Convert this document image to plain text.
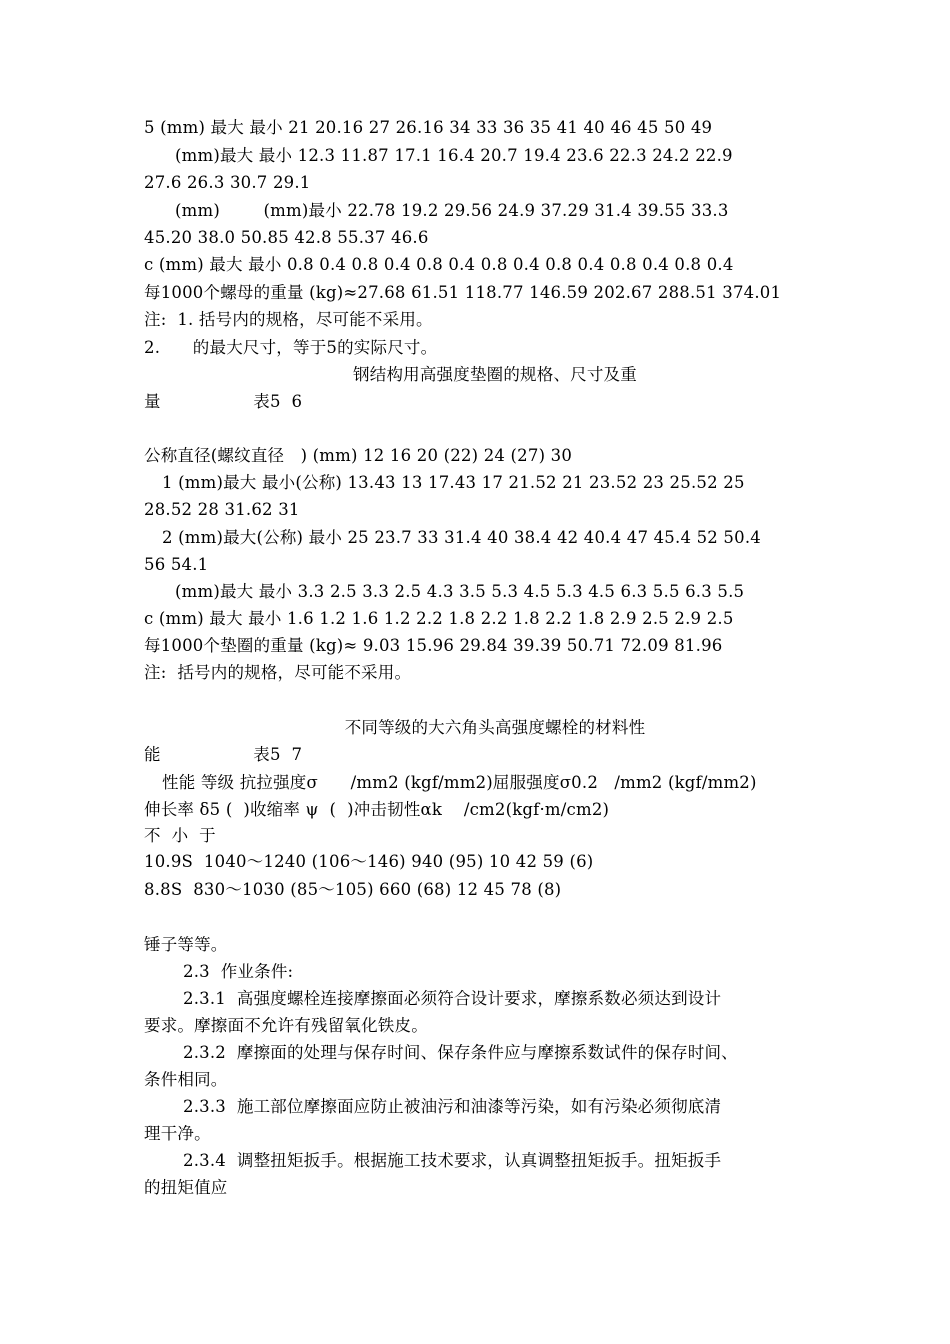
5 (mm) 最大 最小 21 20.16 27 26.16 34 33 36 35 41 40 46 45 50 49
(mm)最大 最小 12.3 11.87 17.1 16.4 20.7 19.4 23.6 22.3 24.2 22.9
27.6 26.3 30.7 29.1
(mm)        (mm)最小 22.78 19.2 29.56 24.9 37.29 31.4 39.55 33.3
45.20 38.0 50.85 42.8 55.37 46.6
c (mm) 最大 最小 0.8 0.4 0.8 0.4 0.8 0.4 0.8 0.4 0.8 0.4 0.8 0.4 0.8 0.4
每1000个螺母的重量 (kg)≈27.68 61.51 118.77 146.59 202.67 288.51 374.01
注:  1. 括号内的规格，尽可能不采用。
2.      的最大尺寸，等于5的实际尺寸。
钢结构用高强度垫圈的规格、尺寸及重
量                 表5  6
公称直径(螺纹直径   ) (mm) 12 16 20 (22) 24 (27) 30
1 (mm)最大 最小(公称) 13.43 13 17.43 17 21.52 21 23.52 23 25.52 25
28.52 28 31.62 31
2 (mm)最大(公称) 最小 25 23.7 33 31.4 40 38.4 42 40.4 47 45.4 52 50.4
56 54.1
(mm)最大 最小 3.3 2.5 3.3 2.5 4.3 3.5 5.3 4.5 5.3 4.5 6.3 5.5 6.3 5.5
c (mm) 最大 最小 1.6 1.2 1.6 1.2 2.2 1.8 2.2 1.8 2.2 1.8 2.9 2.5 2.9 2.5
每1000个垫圈的重量 (kg)≈ 9.03 15.96 29.84 39.39 50.71 72.09 81.96
注:  括号内的规格，尽可能不采用。
不同等级的大六角头高强度螺栓的材料性
能                 表5  7
性能 等级 抗拉强度σ      /mm2 (kgf/mm2)屈服强度σ0.2   /mm2 (kgf/mm2)
伸长率 δ5 (  )收缩率 ψ  (  )冲击韧性αk    /cm2(kgf·m/cm2)
不  小  于
10.9S  1040～1240 (106～146) 940 (95) 10 42 59 (6)
8.8S  830～1030 (85～105) 660 (68) 12 45 78 (8)
锤子等等。
2.3  作业条件:
2.3.1  高强度螺栓连接摩擦面必须符合设计要求，摩擦系数必须达到设计
要求。摩擦面不允许有残留氧化铁皮。
2.3.2  摩擦面的处理与保存时间、保存条件应与摩擦系数试件的保存时间、
条件相同。
2.3.3  施工部位摩擦面应防止被油污和油漆等污染，如有污染必须彻底清
理干净。
2.3.4  调整扭矩扳手。根据施工技术要求，认真调整扭矩扳手。扭矩扳手
的扭矩值应
